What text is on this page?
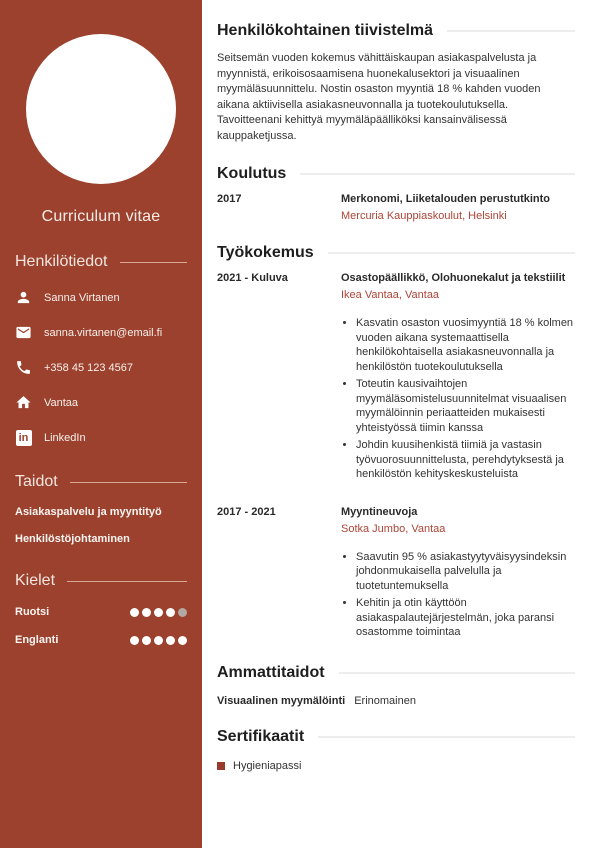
Curriculum vitae
Henkilötiedot
Sanna Virtanen
sanna.virtanen@email.fi
+358 45 123 4567
Vantaa
in LinkedIn
Taidot
Asiakaspalvelu ja myyntityö
Henkilöstöjohtaminen
Kielet
Ruotsi
Englanti
Henkilökohtainen tiivistelmä

Seitsemän vuoden kokemus vähittäiskaupan asiakaspalvelusta ja myynnistä, erikoisosaamisena huonekalusektori ja visuaalinen myymäläsuunnittelu. Nostin osaston myyntiä 18 % kahden vuoden aikana aktiivisella asiakasneuvonnalla ja tuotekoulutuksella. Tavoitteenani kehittyä myymäläpäälliköksi kansainvälisessä kauppaketjussa.

Koulutus
2017	Merkonomi, Liiketalouden perustutkinto
Mercuria Kauppiaskoulut, Helsinki
Työkokemus
2021 - Kuluva	Osastopäällikkö, Olohuonekalut ja tekstiilit
Ikea Vantaa, Vantaa
• Kasvatin osaston vuosimyyntiä 18 % kolmen vuoden aikana systemaattisella henkilökohtaisella asiakasneuvonnalla ja henkilöstön tuotekoulutuksella
• Toteutin kausivaihtojen myymäläsomistelusuunnitelmat visuaalisen myymälöinnin periaatteiden mukaisesti yhteistyössä tiimin kanssa
• Johdin kuusihenkistä tiimiä ja vastasin työvuorosuunnittelusta, perehdytyksestä ja henkilöstön kehityskeskusteluista
2017 - 2021	Myyntineuvoja
Sotka Jumbo, Vantaa
• Saavutin 95 % asiakastyytyväisyysindeksin johdonmukaisella palvelulla ja tuotetuntemuksella
• Kehitin ja otin käyttöön asiakaspalautejärjestelmän, joka paransi osastomme toimintaa
Ammattitaidot
Visuaalinen myymälöinti Erinomainen
Sertifikaatit
Hygieniapassi
